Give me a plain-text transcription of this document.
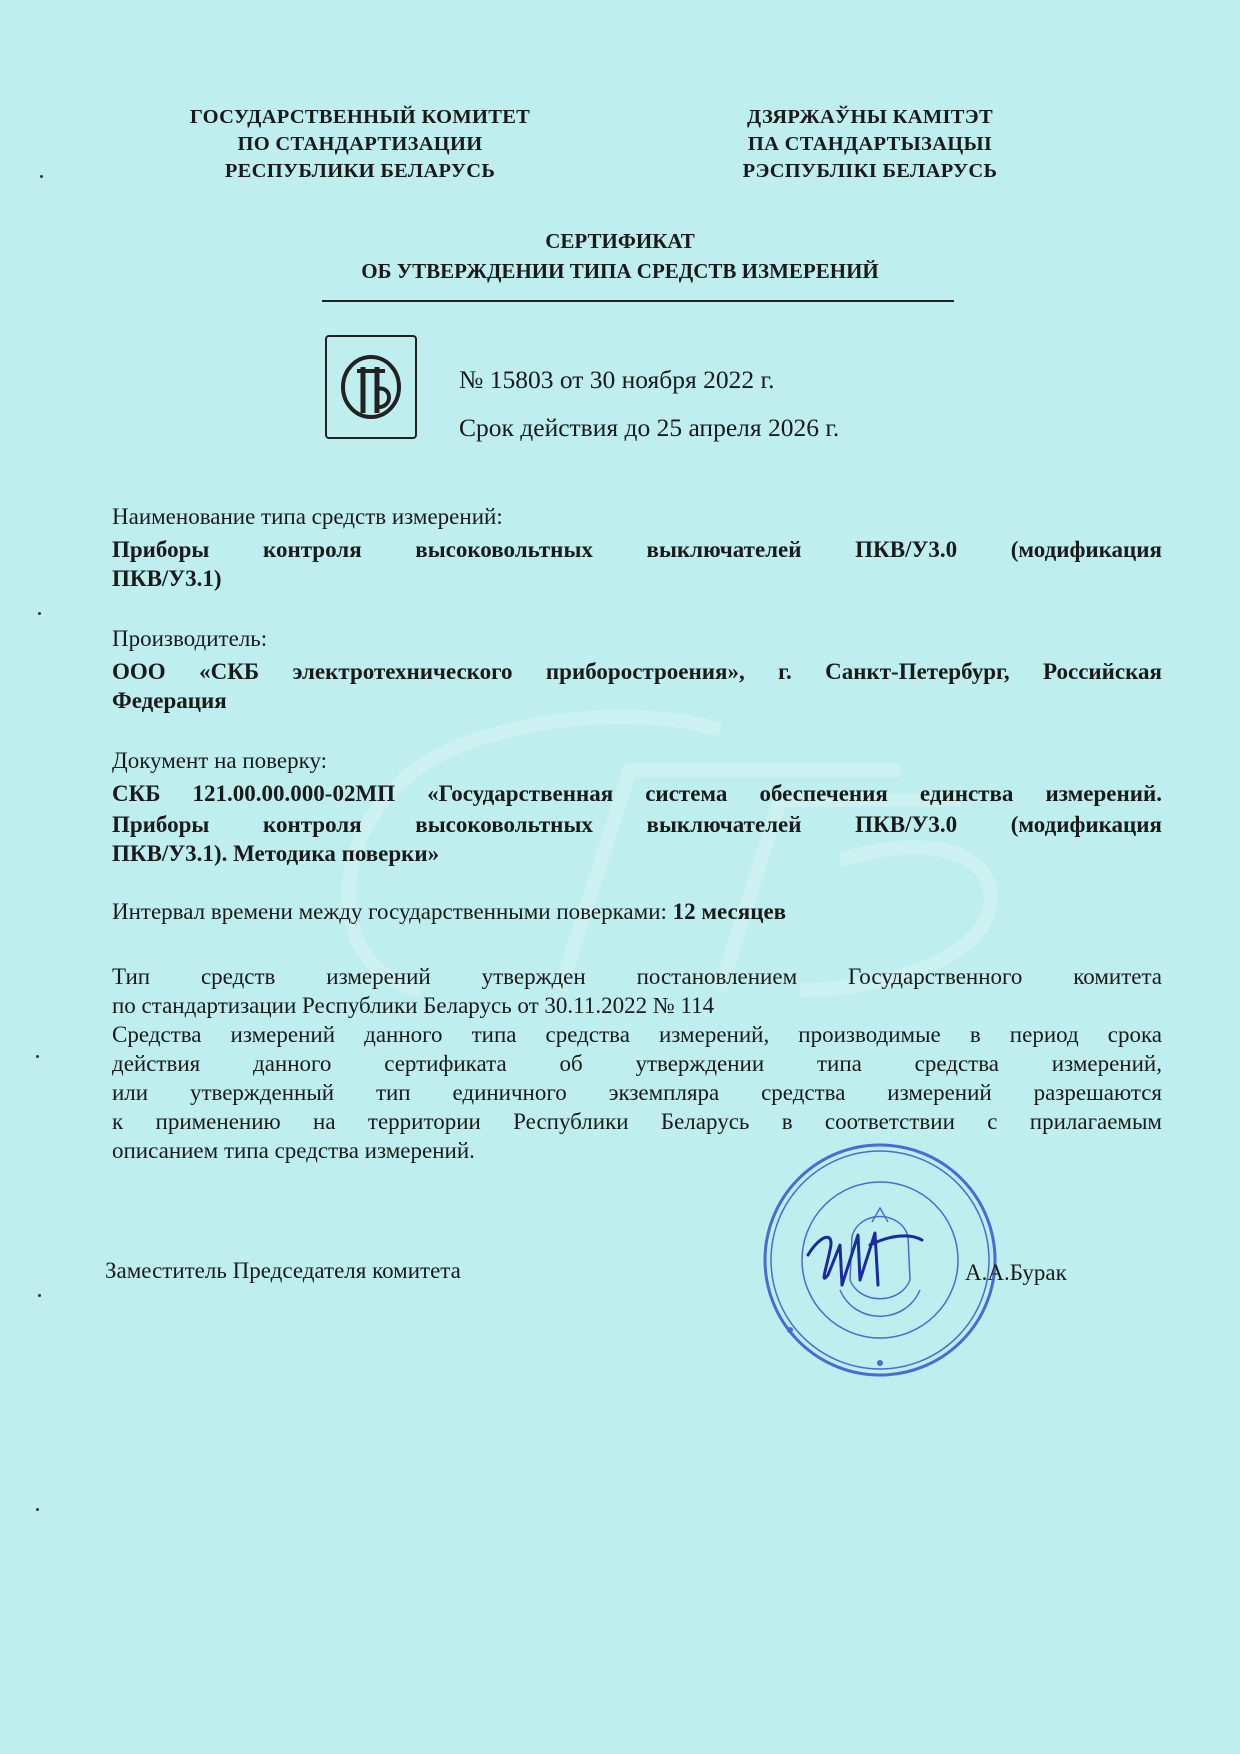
ГОСУДАРСТВЕННЫЙ КОМИТЕТ
ПО СТАНДАРТИЗАЦИИ
РЕСПУБЛИКИ БЕЛАРУСЬ
ДЗЯРЖАЎНЫ КАМІТЭТ
ПА СТАНДАРТЫЗАЦЫІ
РЭСПУБЛІКІ БЕЛАРУСЬ
СЕРТИФИКАТ
ОБ УТВЕРЖДЕНИИ ТИПА СРЕДСТВ ИЗМЕРЕНИЙ
№ 15803 от 30 ноября 2022 г.
Срок действия до 25 апреля 2026 г.
Наименование типа средств измерений:
Приборы контроля высоковольтных выключателей ПКВ/У3.0 (модификация
ПКВ/У3.1)
Производитель:
ООО «СКБ электротехнического приборостроения», г. Санкт-Петербург, Российская
Федерация
Документ на поверку:
СКБ 121.00.00.000-02МП «Государственная система обеспечения единства измерений.
Приборы контроля высоковольтных выключателей ПКВ/У3.0 (модификация
ПКВ/У3.1). Методика поверки»
Интервал времени между государственными поверками: 12 месяцев
Тип средств измерений утвержден постановлением Государственного комитета
по стандартизации Республики Беларусь от 30.11.2022 № 114
Средства измерений данного типа средства измерений, производимые в период срока
действия данного сертификата об утверждении типа средства измерений,
или утвержденный тип единичного экземпляра средства измерений разрешаются
к применению на территории Республики Беларусь в соответствии с прилагаемым
описанием типа средства измерений.
Заместитель Председателя комитета	А.А.Бурак
